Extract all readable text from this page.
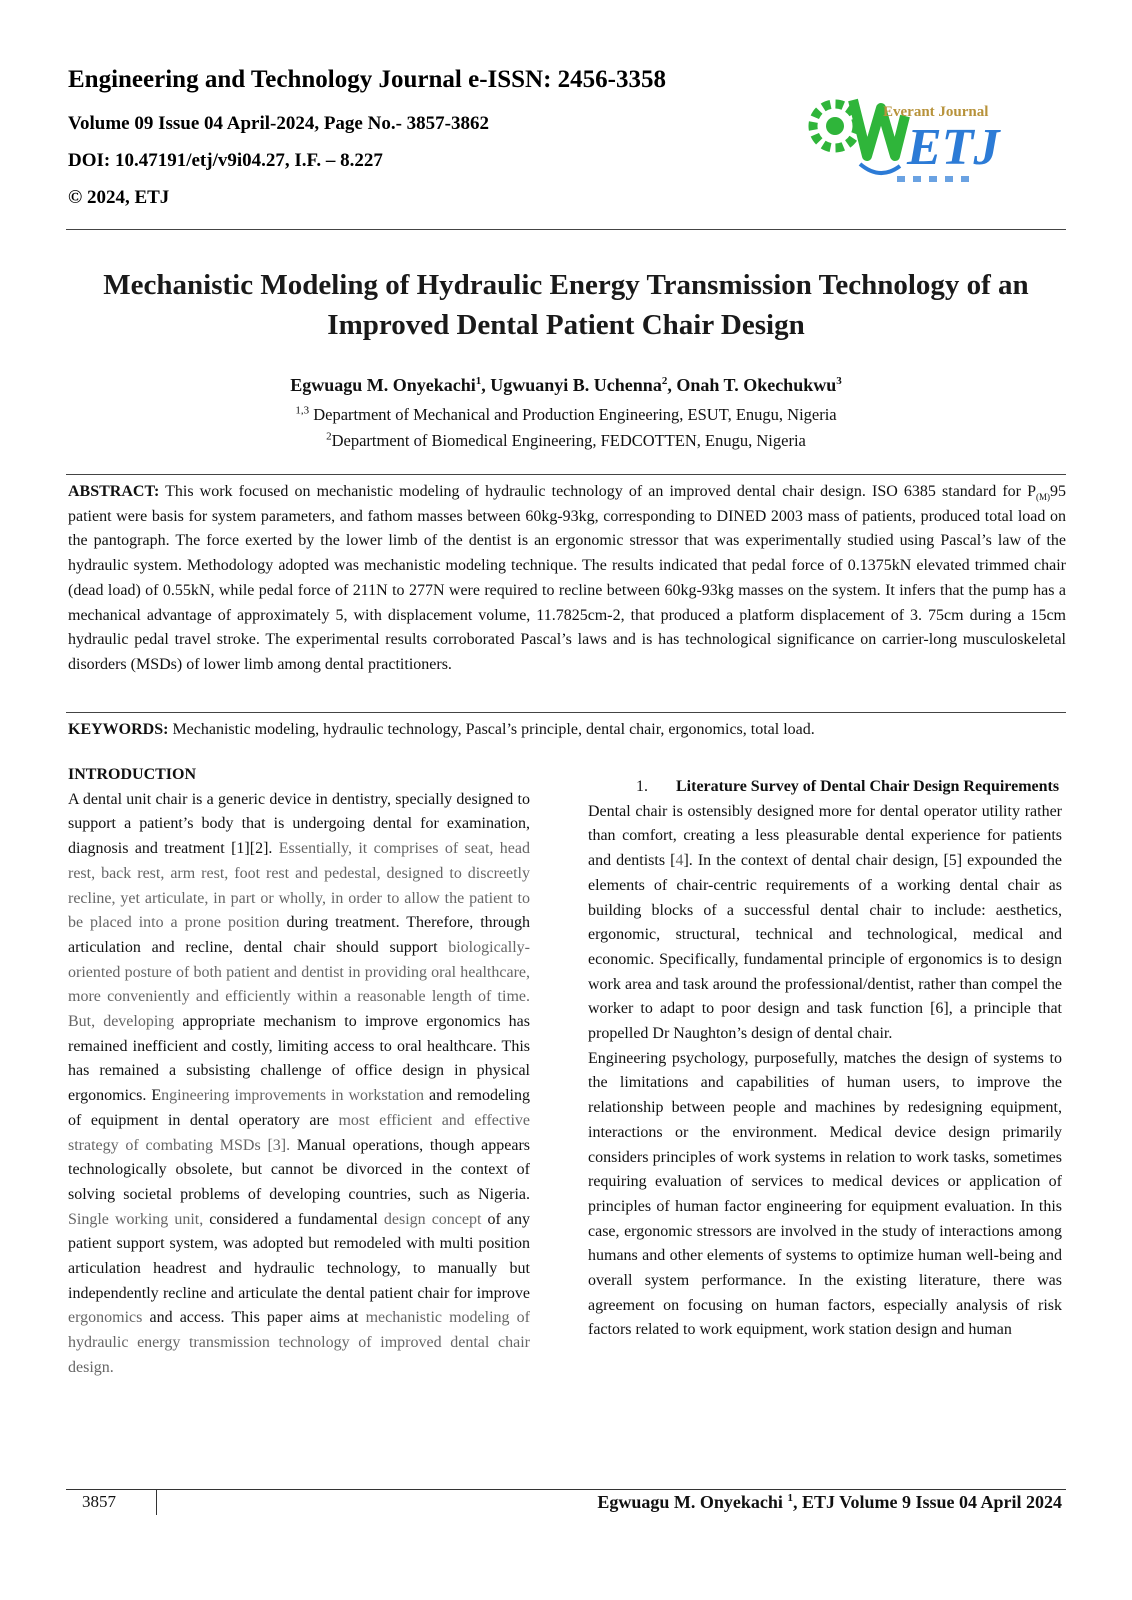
Engineering and Technology Journal e-ISSN: 2456-3358
Volume 09 Issue 04 April-2024, Page No.- 3857-3862
DOI: 10.47191/etj/v9i04.27, I.F. – 8.227
© 2024, ETJ
Everant Journal
ETJ
Mechanistic Modeling of Hydraulic Energy Transmission Technology of an
Improved Dental Patient Chair Design
Egwuagu M. Onyekachi$^1$, Ugwuanyi B. Uchenna$^2$, Onah T. Okechukwu$^3$
$^{1,3}$ Department of Mechanical and Production Engineering, ESUT, Enugu, Nigeria
$^2$Department of Biomedical Engineering, FEDCOTTEN, Enugu, Nigeria
ABSTRACT: This work focused on mechanistic modeling of hydraulic technology of an improved dental chair design. ISO 6385 standard for $P_{(M)}95$ patient were basis for system parameters, and fathom masses between 60kg-93kg, corresponding to DINED 2003 mass of patients, produced total load on the pantograph. The force exerted by the lower limb of the dentist is an ergonomic stressor that was experimentally studied using Pascal’s law of the hydraulic system. Methodology adopted was mechanistic modeling technique. The results indicated that pedal force of 0.1375kN elevated trimmed chair (dead load) of 0.55kN, while pedal force of 211N to 277N were required to recline between 60kg-93kg masses on the system. It infers that the pump has a mechanical advantage of approximately 5, with displacement volume, 11.7825cm-2, that produced a platform displacement of 3. 75cm during a 15cm hydraulic pedal travel stroke. The experimental results corroborated Pascal’s laws and is has technological significance on carrier-long musculoskeletal disorders (MSDs) of lower limb among dental practitioners.
KEYWORDS: Mechanistic modeling, hydraulic technology, Pascal’s principle, dental chair, ergonomics, total load.
INTRODUCTION

A dental unit chair is a generic device in dentistry, specially designed to support a patient’s body that is undergoing dental for examination, diagnosis and treatment [1][2]. Essentially, it comprises of seat, head rest, back rest, arm rest, foot rest and pedestal, designed to discreetly recline, yet articulate, in part or wholly, in order to allow the patient to be placed into a prone position during treatment. Therefore, through articulation and recline, dental chair should support biologically- oriented posture of both patient and dentist in providing oral healthcare, more conveniently and efficiently within a reasonable length of time. But, developing appropriate mechanism to improve ergonomics has remained inefficient and costly, limiting access to oral healthcare. This has remained a subsisting challenge of office design in physical ergonomics. Engineering improvements in workstation and remodeling of equipment in dental operatory are most efficient and effective strategy of combating MSDs [3]. Manual operations, though appears technologically obsolete, but cannot be divorced in the context of solving societal problems of developing countries, such as Nigeria. Single working unit, considered a fundamental design concept of any patient support system, was adopted but remodeled with multi position articulation headrest and hydraulic technology, to manually but independently recline and articulate the dental patient chair for improve ergonomics and access. This paper aims at mechanistic modeling of hydraulic energy transmission technology of improved dental chair design.

1.	Literature Survey of Dental Chair Design Requirements

Dental chair is ostensibly designed more for dental operator utility rather than comfort, creating a less pleasurable dental experience for patients and dentists [4]. In the context of dental chair design, [5] expounded the elements of chair-centric requirements of a working dental chair as building blocks of a successful dental chair to include: aesthetics, ergonomic, structural, technical and technological, medical and economic. Specifically, fundamental principle of ergonomics is to design work area and task around the professional/dentist, rather than compel the worker to adapt to poor design and task function [6], a principle that propelled Dr Naughton’s design of dental chair.

Engineering psychology, purposefully, matches the design of systems to the limitations and capabilities of human users, to improve the relationship between people and machines by redesigning equipment, interactions or the environment. Medical device design primarily considers principles of work systems in relation to work tasks, sometimes requiring evaluation of services to medical devices or application of principles of human factor engineering for equipment evaluation. In this case, ergonomic stressors are involved in the study of interactions among humans and other elements of systems to optimize human well-being and overall system performance. In the existing literature, there was agreement on focusing on human factors, especially analysis of risk factors related to work equipment, work station design and human

3857	Egwuagu M. Onyekachi $^1$, ETJ Volume 9 Issue 04 April 2024
